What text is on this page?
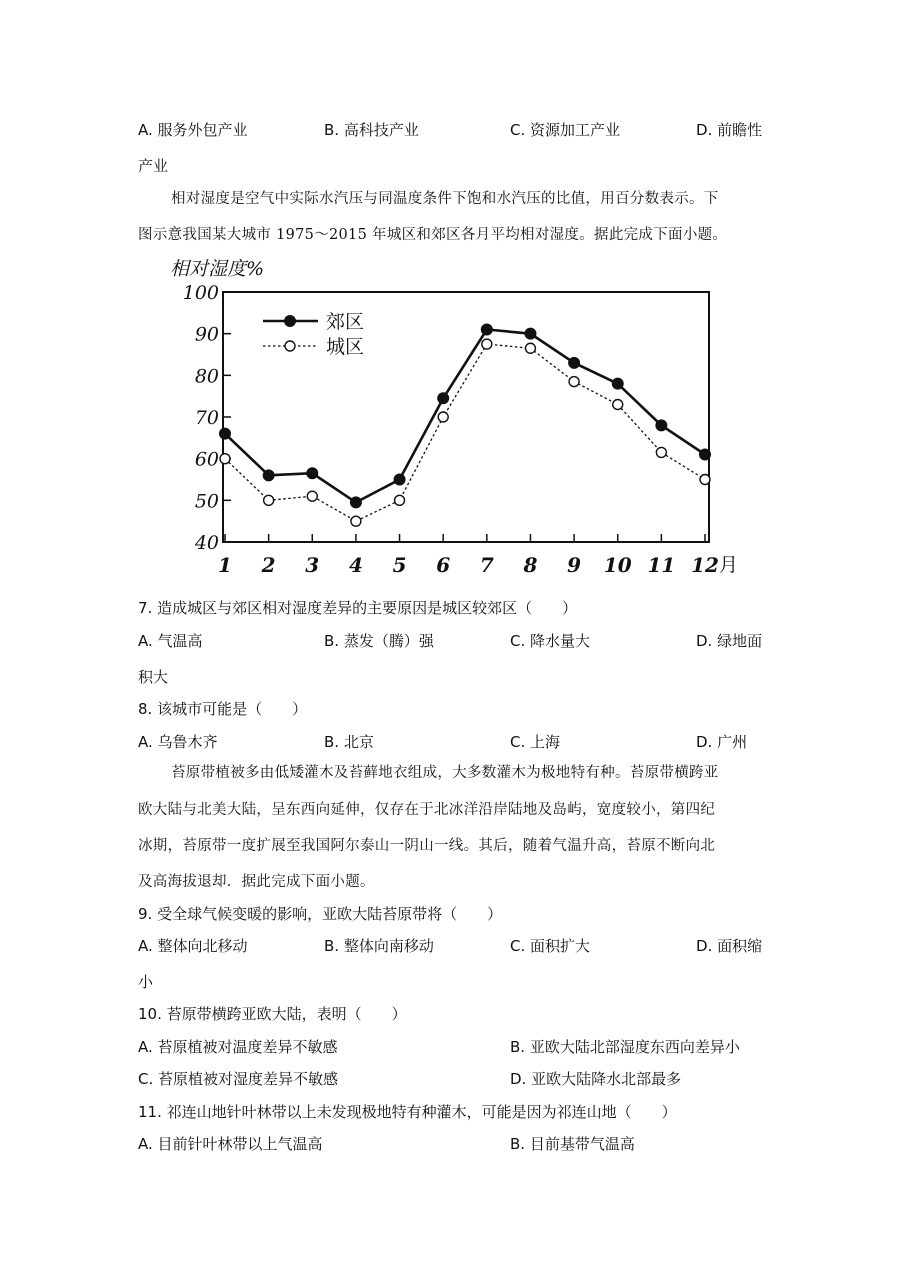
A. 服务外包产业	B. 高科技产业	C. 资源加工产业	D. 前瞻性
产业
相对湿度是空气中实际水汽压与同温度条件下饱和水汽压的比值，用百分数表示。下
图示意我国某大城市 1975～2015 年城区和郊区各月平均相对湿度。据此完成下面小题。
相对湿度%
100
90
80
70
60
50
40
1 2 3 4 5 6 7 8 9 10 11 12 月
郊区
城区
7. 造成城区与郊区相对湿度差异的主要原因是城区较郊区（　　）
A. 气温高	B. 蒸发（腾）强	C. 降水量大	D. 绿地面
积大
8. 该城市可能是（　　）
A. 乌鲁木齐	B. 北京	C. 上海	D. 广州
苔原带植被多由低矮灌木及苔藓地衣组成，大多数灌木为极地特有种。苔原带横跨亚
欧大陆与北美大陆，呈东西向延伸，仅存在于北冰洋沿岸陆地及岛屿，宽度较小，第四纪
冰期，苔原带一度扩展至我国阿尔泰山一阴山一线。其后，随着气温升高，苔原不断向北
及高海拔退却．据此完成下面小题。
9. 受全球气候变暖的影响，亚欧大陆苔原带将（　　）
A. 整体向北移动	B. 整体向南移动	C. 面积扩大	D. 面积缩
小
10. 苔原带横跨亚欧大陆，表明（　　）
A. 苔原植被对温度差异不敏感	B. 亚欧大陆北部湿度东西向差异小
C. 苔原植被对湿度差异不敏感	D. 亚欧大陆降水北部最多
11. 祁连山地针叶林带以上未发现极地特有种灌木，可能是因为祁连山地（　　）
A. 目前针叶林带以上气温高	B. 目前基带气温高
